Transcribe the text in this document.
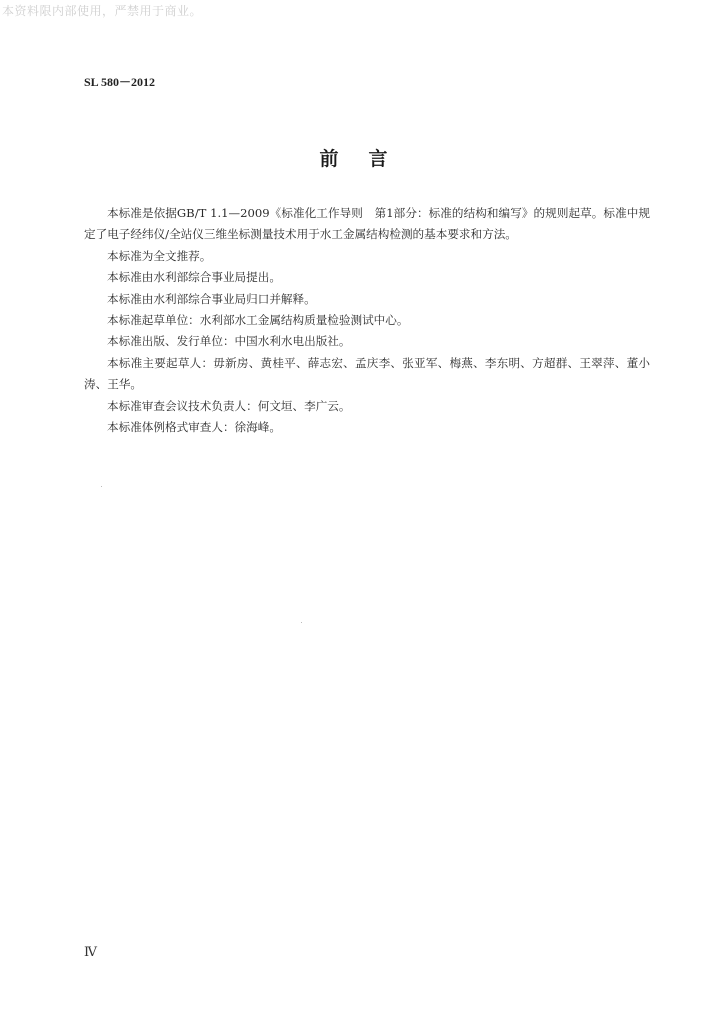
本资料限内部使用，严禁用于商业。
SL 580－2012
前言

本标准是依据GB/T 1.1—2009《标准化工作导则　第1部分：标准的结构和编写》的规则起草。标准中规定了电子经纬仪/全站仪三维坐标测量技术用于水工金属结构检测的基本要求和方法。

本标准为全文推荐。

本标准由水利部综合事业局提出。

本标准由水利部综合事业局归口并解释。

本标准起草单位：水利部水工金属结构质量检验测试中心。

本标准出版、发行单位：中国水利水电出版社。

本标准主要起草人：毋新房、黄桂平、薛志宏、孟庆李、张亚军、梅燕、李东明、方超群、王翠萍、董小涛、王华。

本标准审查会议技术负责人：何文垣、李广云。

本标准体例格式审查人：徐海峰。

Ⅳ
